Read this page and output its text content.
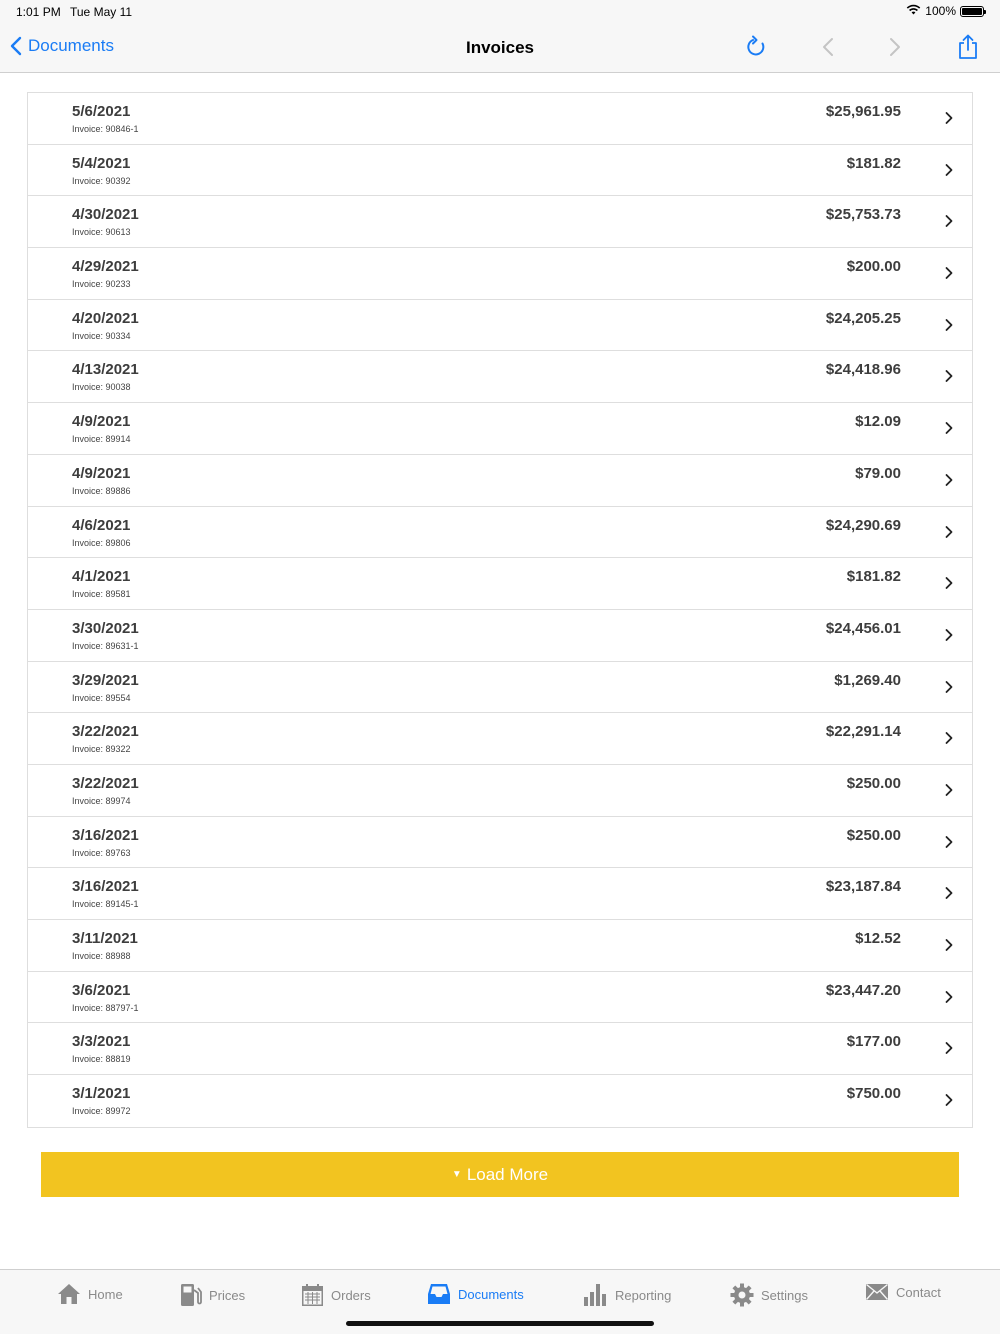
1:01 PM Tue May 11	100%
Documents	Invoices
5/6/2021
Invoice: 90846-1
$25,961.95
5/4/2021
Invoice: 90392
$181.82
4/30/2021
Invoice: 90613
$25,753.73
4/29/2021
Invoice: 90233
$200.00
4/20/2021
Invoice: 90334
$24,205.25
4/13/2021
Invoice: 90038
$24,418.96
4/9/2021
Invoice: 89914
$12.09
4/9/2021
Invoice: 89886
$79.00
4/6/2021
Invoice: 89806
$24,290.69
4/1/2021
Invoice: 89581
$181.82
3/30/2021
Invoice: 89631-1
$24,456.01
3/29/2021
Invoice: 89554
$1,269.40
3/22/2021
Invoice: 89322
$22,291.14
3/22/2021
Invoice: 89974
$250.00
3/16/2021
Invoice: 89763
$250.00
3/16/2021
Invoice: 89145-1
$23,187.84
3/11/2021
Invoice: 88988
$12.52
3/6/2021
Invoice: 88797-1
$23,447.20
3/3/2021
Invoice: 88819
$177.00
3/1/2021
Invoice: 89972
$750.00
▼ Load More
Home	Prices	Orders	Documents	Reporting	Settings	Contact
